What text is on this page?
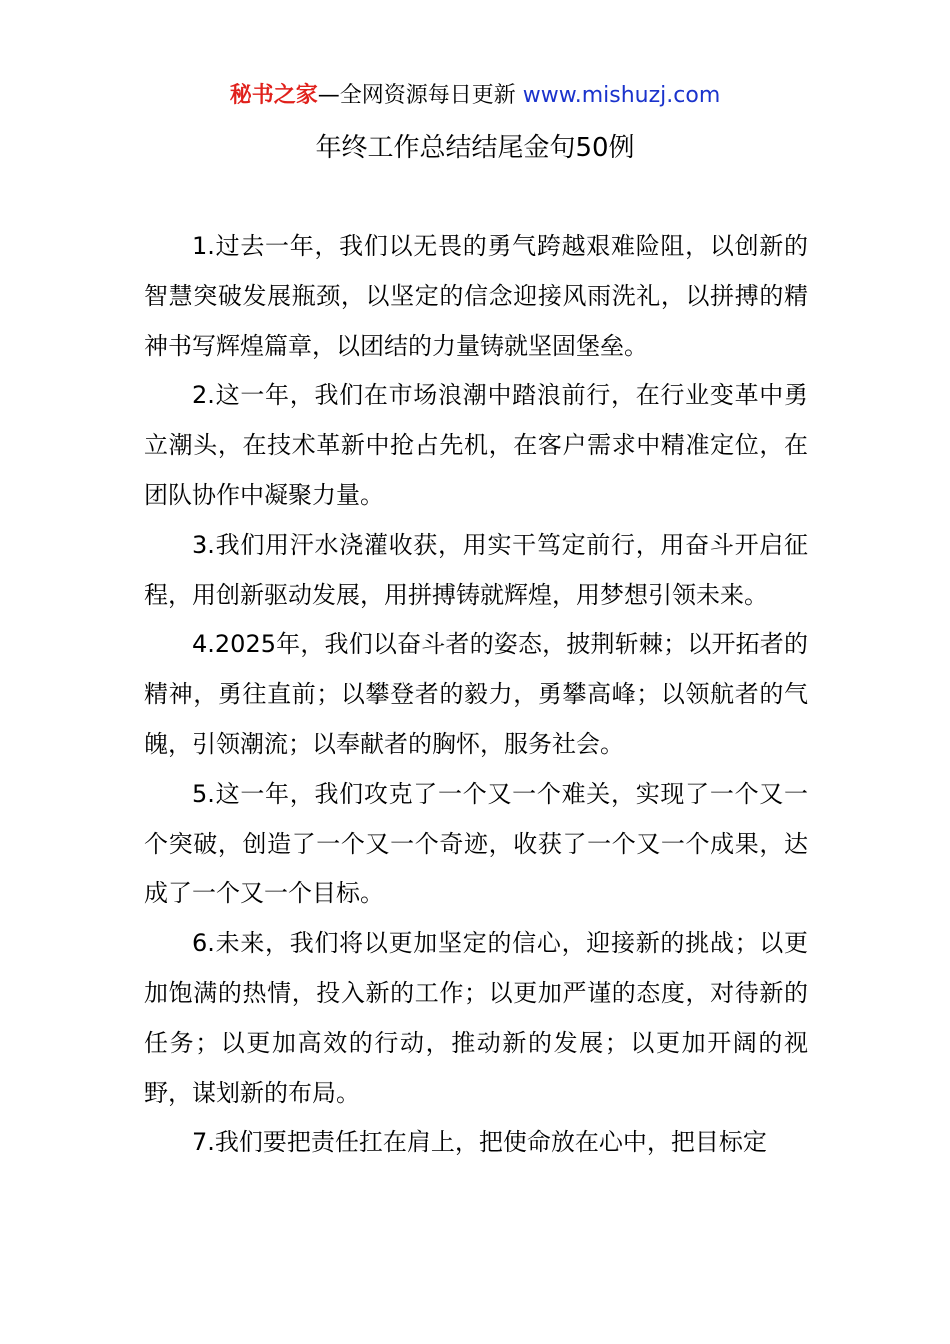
秘书之家—全网资源每日更新 www.mishuzj.com
年终工作总结结尾金句50例

1.过去一年，我们以无畏的勇气跨越艰难险阻，以创新的智慧突破发展瓶颈，以坚定的信念迎接风雨洗礼，以拼搏的精神书写辉煌篇章，以团结的力量铸就坚固堡垒。

2.这一年，我们在市场浪潮中踏浪前行，在行业变革中勇立潮头，在技术革新中抢占先机，在客户需求中精准定位，在团队协作中凝聚力量。

3.我们用汗水浇灌收获，用实干笃定前行，用奋斗开启征程，用创新驱动发展，用拼搏铸就辉煌，用梦想引领未来。

4.2025年，我们以奋斗者的姿态，披荆斩棘；以开拓者的精神，勇往直前；以攀登者的毅力，勇攀高峰；以领航者的气魄，引领潮流；以奉献者的胸怀，服务社会。

5.这一年，我们攻克了一个又一个难关，实现了一个又一个突破，创造了一个又一个奇迹，收获了一个又一个成果，达成了一个又一个目标。

6.未来，我们将以更加坚定的信心，迎接新的挑战；以更加饱满的热情，投入新的工作；以更加严谨的态度，对待新的任务；以更加高效的行动，推动新的发展；以更加开阔的视野，谋划新的布局。

7.我们要把责任扛在肩上，把使命放在心中，把目标定
